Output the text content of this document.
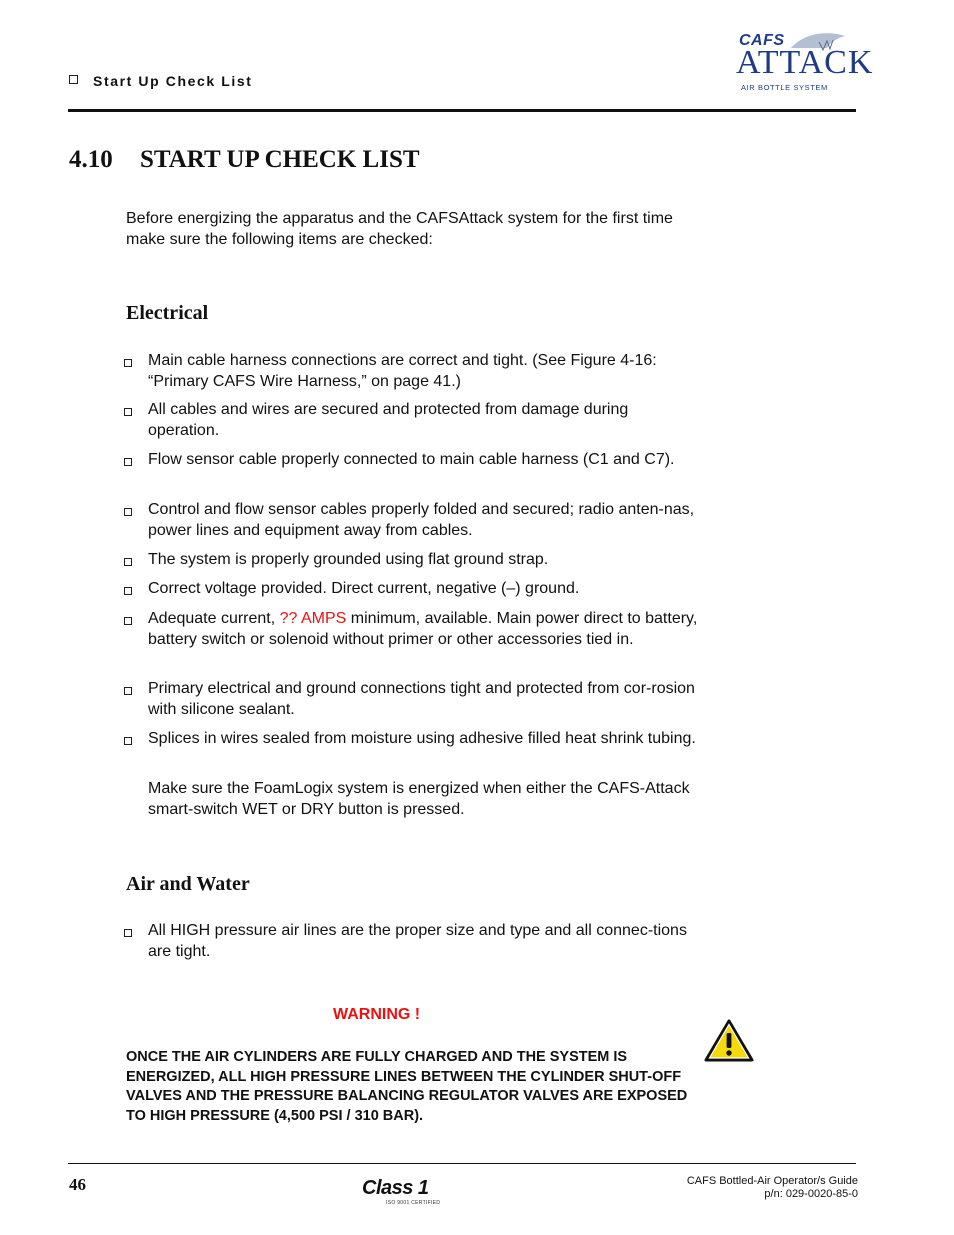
Start Up Check List
CAFS
ATTACK
AIR BOTTLE SYSTEM
4.10 START UP CHECK LIST
Before energizing the apparatus and the CAFSAttack system for the first time make sure the following items are checked:
Electrical
Main cable harness connections are correct and tight. (See Figure 4-16: “Primary CAFS Wire Harness,” on page 41.)
All cables and wires are secured and protected from damage during operation.
Flow sensor cable properly connected to main cable harness (C1 and C7).
Control and flow sensor cables properly folded and secured; radio anten-nas, power lines and equipment away from cables.
The system is properly grounded using flat ground strap.
Correct voltage provided. Direct current, negative (–) ground.
Adequate current, ?? AMPS minimum, available. Main power direct to battery, battery switch or solenoid without primer or other accessories tied in.
Primary electrical and ground connections tight and protected from cor-rosion with silicone sealant.
Splices in wires sealed from moisture using adhesive filled heat shrink tubing.
Make sure the FoamLogix system is energized when either the CAFS-Attack smart-switch WET or DRY button is pressed.
Air and Water
All HIGH pressure air lines are the proper size and type and all connec-tions are tight.
WARNING !
ONCE THE AIR CYLINDERS ARE FULLY CHARGED AND THE SYSTEM IS ENERGIZED, ALL HIGH PRESSURE LINES BETWEEN THE CYLINDER SHUT-OFF VALVES AND THE PRESSURE BALANCING REGULATOR VALVES ARE EXPOSED TO HIGH PRESSURE (4,500 PSI / 310 BAR).
46	Class 1
ISO 9001 CERTIFIED
CAFS Bottled-Air Operator/s Guide
p/n: 029-0020-85-0
